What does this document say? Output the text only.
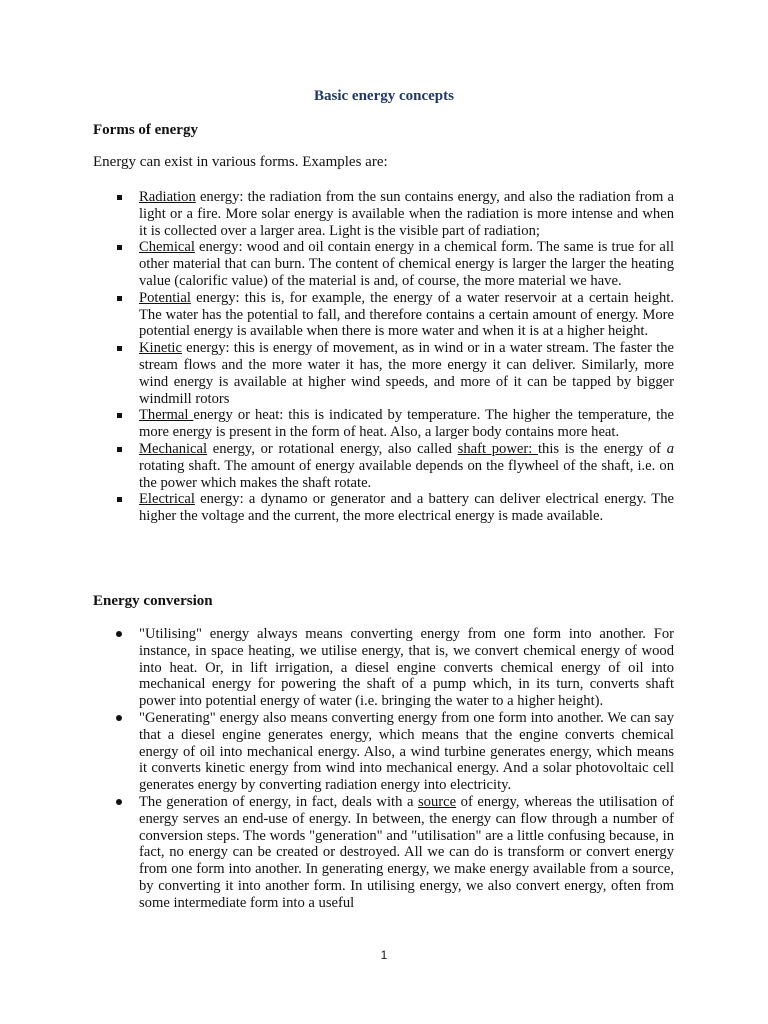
Basic energy concepts
Forms of energy
Energy can exist in various forms. Examples are:
Radiation energy: the radiation from the sun contains energy, and also the radiation from a light or a fire. More solar energy is available when the radiation is more intense and when it is collected over a larger area. Light is the visible part of radiation;
Chemical energy: wood and oil contain energy in a chemical form. The same is true for all other material that can burn. The content of chemical energy is larger the larger the heating value (calorific value) of the material is and, of course, the more material we have.
Potential energy: this is, for example, the energy of a water reservoir at a certain height. The water has the potential to fall, and therefore contains a certain amount of energy. More potential energy is available when there is more water and when it is at a higher height.
Kinetic energy: this is energy of movement, as in wind or in a water stream. The faster the stream flows and the more water it has, the more energy it can deliver. Similarly, more wind energy is available at higher wind speeds, and more of it can be tapped by bigger windmill rotors
Thermal energy or heat: this is indicated by temperature. The higher the temperature, the more energy is present in the form of heat. Also, a larger body contains more heat.
Mechanical energy, or rotational energy, also called shaft power: this is the energy of a rotating shaft. The amount of energy available depends on the flywheel of the shaft, i.e. on the power which makes the shaft rotate.
Electrical energy: a dynamo or generator and a battery can deliver electrical energy. The higher the voltage and the current, the more electrical energy is made available.
Energy conversion
"Utilising" energy always means converting energy from one form into another. For instance, in space heating, we utilise energy, that is, we convert chemical energy of wood into heat. Or, in lift irrigation, a diesel engine converts chemical energy of oil into mechanical energy for powering the shaft of a pump which, in its turn, converts shaft power into potential energy of water (i.e. bringing the water to a higher height).
"Generating" energy also means converting energy from one form into another. We can say that a diesel engine generates energy, which means that the engine converts chemical energy of oil into mechanical energy. Also, a wind turbine generates energy, which means it converts kinetic energy from wind into mechanical energy. And a solar photovoltaic cell generates energy by converting radiation energy into electricity.
The generation of energy, in fact, deals with a source of energy, whereas the utilisation of energy serves an end-use of energy. In between, the energy can flow through a number of conversion steps. The words "generation" and "utilisation" are a little confusing because, in fact, no energy can be created or destroyed. All we can do is transform or convert energy from one form into another. In generating energy, we make energy available from a source, by converting it into another form. In utilising energy, we also convert energy, often from some intermediate form into a useful
1
